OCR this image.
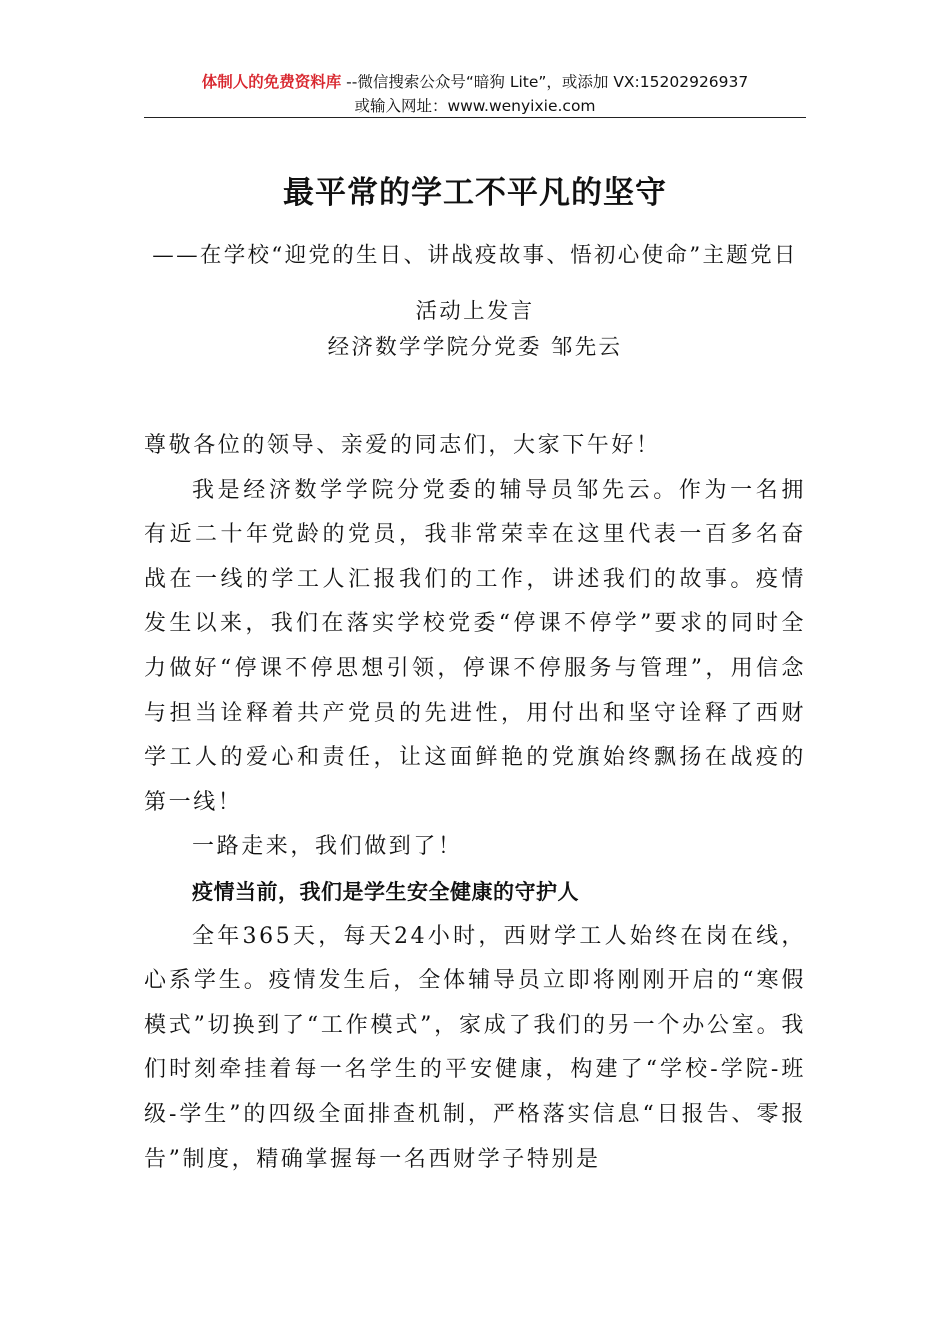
体制人的免费资料库 --微信搜索公众号“暗狗 Lite”，或添加 VX:15202926937
或输入网址：www.wenyixie.com
最平常的学工不平凡的坚守
——在学校“迎党的生日、讲战疫故事、悟初心使命”主题党日活动上发言
经济数学学院分党委 邹先云

尊敬各位的领导、亲爱的同志们，大家下午好！

我是经济数学学院分党委的辅导员邹先云。作为一名拥有近二十年党龄的党员，我非常荣幸在这里代表一百多名奋战在一线的学工人汇报我们的工作，讲述我们的故事。疫情发生以来，我们在落实学校党委“停课不停学”要求的同时全力做好“停课不停思想引领，停课不停服务与管理”，用信念与担当诠释着共产党员的先进性，用付出和坚守诠释了西财学工人的爱心和责任，让这面鲜艳的党旗始终飘扬在战疫的第一线！

一路走来，我们做到了！

疫情当前，我们是学生安全健康的守护人

全年365天，每天24小时，西财学工人始终在岗在线，心系学生。疫情发生后，全体辅导员立即将刚刚开启的“寒假模式”切换到了“工作模式”，家成了我们的另一个办公室。我们时刻牵挂着每一名学生的平安健康，构建了“学校-学院-班级-学生”的四级全面排查机制，严格落实信息“日报告、零报告”制度，精确掌握每一名西财学子特别是
